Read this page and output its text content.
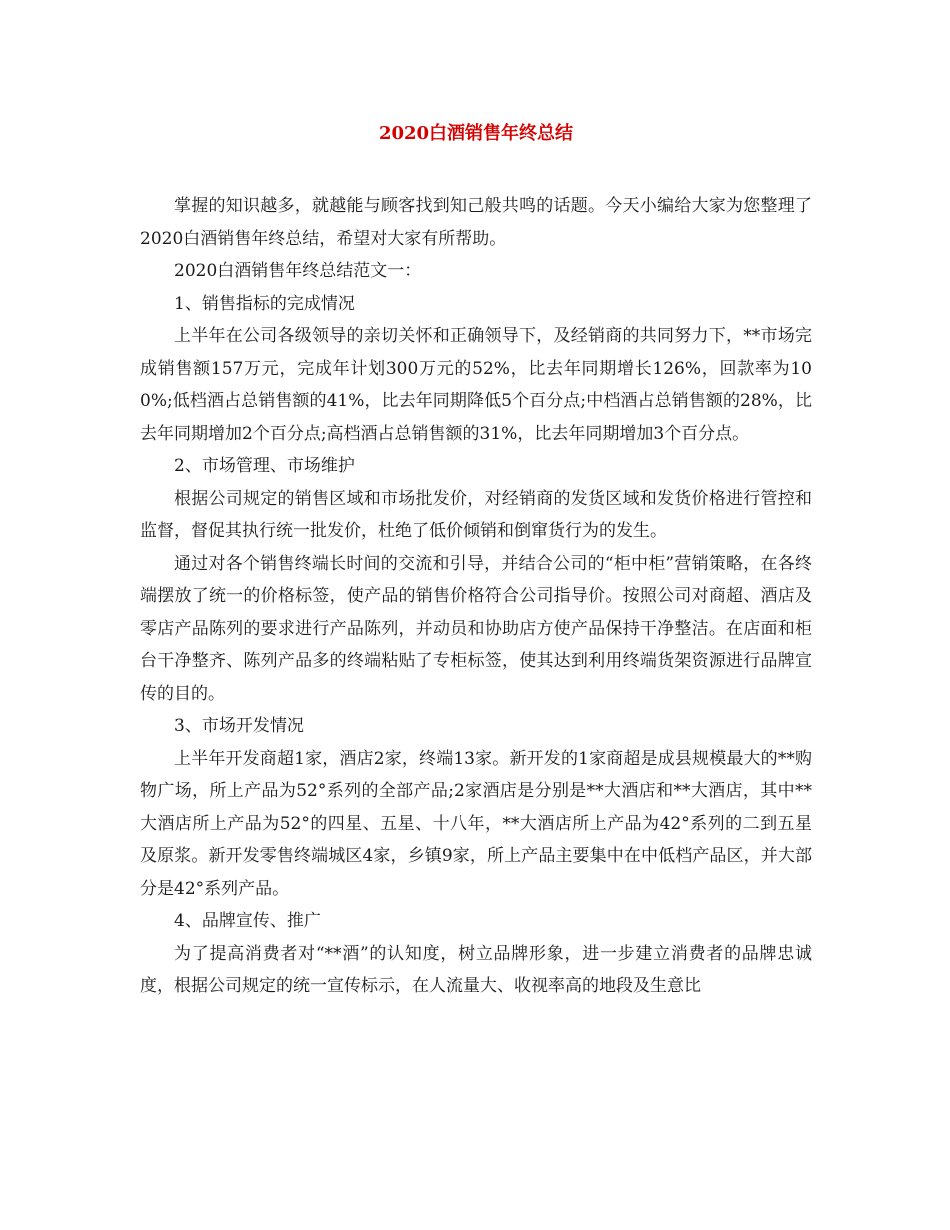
2020白酒销售年终总结

掌握的知识越多，就越能与顾客找到知己般共鸣的话题。今天小编给大家为您整理了2020白酒销售年终总结，希望对大家有所帮助。

2020白酒销售年终总结范文一：

1、销售指标的完成情况

上半年在公司各级领导的亲切关怀和正确领导下，及经销商的共同努力下，**市场完成销售额157万元，完成年计划300万元的52%，比去年同期增长126%，回款率为100%;低档酒占总销售额的41%，比去年同期降低5个百分点;中档酒占总销售额的28%，比去年同期增加2个百分点;高档酒占总销售额的31%，比去年同期增加3个百分点。

2、市场管理、市场维护

根据公司规定的销售区域和市场批发价，对经销商的发货区域和发货价格进行管控和监督，督促其执行统一批发价，杜绝了低价倾销和倒窜货行为的发生。

通过对各个销售终端长时间的交流和引导，并结合公司的“柜中柜”营销策略，在各终端摆放了统一的价格标签，使产品的销售价格符合公司指导价。按照公司对商超、酒店及零店产品陈列的要求进行产品陈列，并动员和协助店方使产品保持干净整洁。在店面和柜台干净整齐、陈列产品多的终端粘贴了专柜标签，使其达到利用终端货架资源进行品牌宣传的目的。

3、市场开发情况

上半年开发商超1家，酒店2家，终端13家。新开发的1家商超是成县规模最大的**购物广场，所上产品为52°系列的全部产品;2家酒店是分别是**大酒店和**大酒店，其中**大酒店所上产品为52°的四星、五星、十八年，**大酒店所上产品为42°系列的二到五星及原浆。新开发零售终端城区4家，乡镇9家，所上产品主要集中在中低档产品区，并大部分是42°系列产品。

4、品牌宣传、推广

为了提高消费者对“**酒”的认知度，树立品牌形象，进一步建立消费者的品牌忠诚度，根据公司规定的统一宣传标示，在人流量大、收视率高的地段及生意比
